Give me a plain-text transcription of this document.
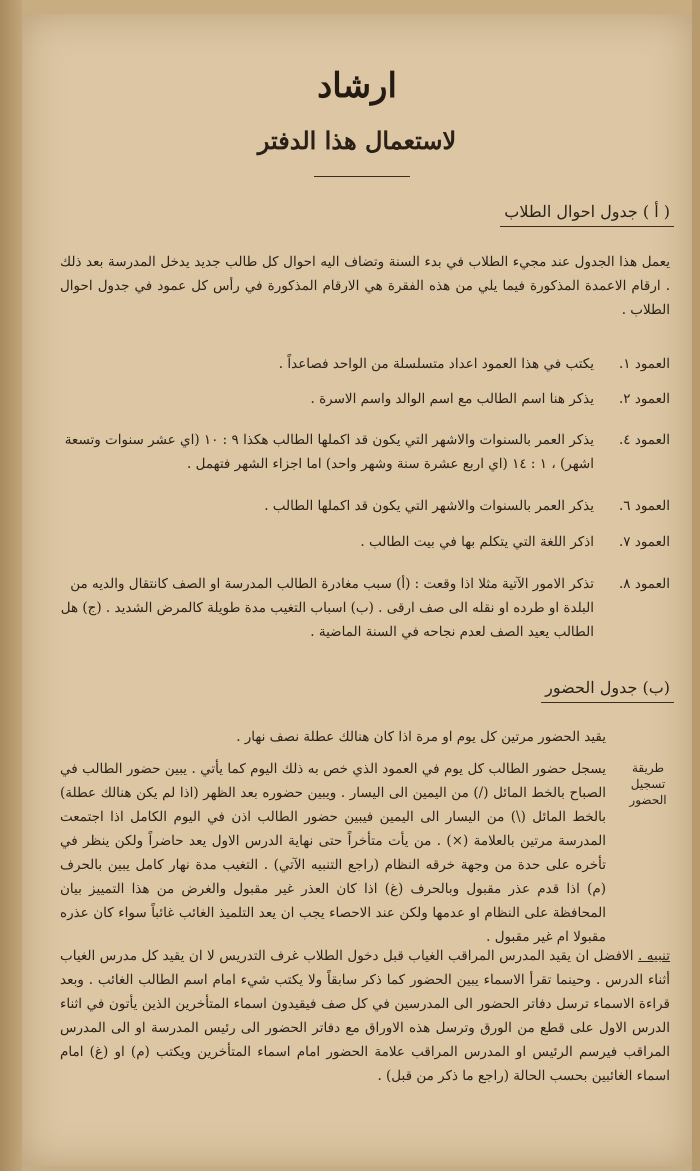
ارشاد
لاستعمال هذا الدفتر
( أ ) جدول احوال الطلاب
يعمل هذا الجدول عند مجيء الطلاب في بدء السنة وتضاف اليه احوال كل طالب جديد يدخل المدرسة بعد ذلك . ارقام الاعمدة المذكورة فيما يلي من هذه الفقرة هي الارقام المذكورة في رأس كل عمود في جدول احوال الطلاب .
العمود ١.
يكتب في هذا العمود اعداد متسلسلة من الواحد فصاعداً .
العمود ٢.
يذكر هنا اسم الطالب مع اسم الوالد واسم الاسرة .
العمود ٤.
يذكر العمر بالسنوات والاشهر التي يكون قد اكملها الطالب هكذا ٩ : ١٠ (اي عشر سنوات وتسعة اشهر) ، ١ : ١٤ (اي اربع عشرة سنة وشهر واحد) اما اجزاء الشهر فتهمل .
العمود ٦.
يذكر العمر بالسنوات والاشهر التي يكون قد اكملها الطالب .
العمود ٧.
اذكر اللغة التي يتكلم بها في بيت الطالب .
العمود ٨.
تذكر الامور الآتية مثلا اذا وقعت : (أ) سبب مغادرة الطالب المدرسة او الصف كانتقال والديه من البلدة او طرده او نقله الى صف ارقى . (ب) اسباب التغيب مدة طويلة كالمرض الشديد . (ج) هل الطالب يعيد الصف لعدم نجاحه في السنة الماضية .
(ب) جدول الحضور
يقيد الحضور مرتين كل يوم او مرة اذا كان هنالك عطلة نصف نهار .
طريقة تسجيل الحضور
يسجل حضور الطالب كل يوم في العمود الذي خص به ذلك اليوم كما يأتي . يبين حضور الطالب في الصباح بالخط المائل (/) من اليمين الى اليسار . ويبين حضوره بعد الظهر (اذا لم يكن هنالك عطلة) بالخط المائل (\) من اليسار الى اليمين فيبين حضور الطالب اذن في اليوم الكامل اذا اجتمعت المدرسة مرتين بالعلامة (×) . من يأت متأخراً حتى نهاية الدرس الاول يعد حاضراً ولكن ينظر في تأخره على حدة من وجهة خرقه النظام (راجع التنبيه الآتي) . التغيب مدة نهار كامل يبين بالحرف (م) اذا قدم عذر مقبول وبالحرف (غ) اذا كان العذر غير مقبول والغرض من هذا التمييز بيان المحافظة على النظام او عدمها ولكن عند الاحصاء يجب ان يعد التلميذ الغائب غائباً سواء كان عذره مقبولا ام غير مقبول .
تنبيه . الافضل ان يقيد المدرس المراقب الغياب قبل دخول الطلاب غرف التدريس لا ان يقيد كل مدرس الغياب أثناء الدرس . وحينما تقرأ الاسماء يبين الحضور كما ذكر سابقاً ولا يكتب شيء امام اسم الطالب الغائب . وبعد قراءة الاسماء ترسل دفاتر الحضور الى المدرسين في كل صف فيقيدون اسماء المتأخرين الذين يأتون في اثناء الدرس الاول على قطع من الورق وترسل هذه الاوراق مع دفاتر الحضور الى رئيس المدرسة او الى المدرس المراقب فيرسم الرئيس او المدرس المراقب علامة الحضور امام اسماء المتأخرين ويكتب (م) او (غ) امام اسماء الغائبين بحسب الحالة (راجع ما ذكر من قبل) .
